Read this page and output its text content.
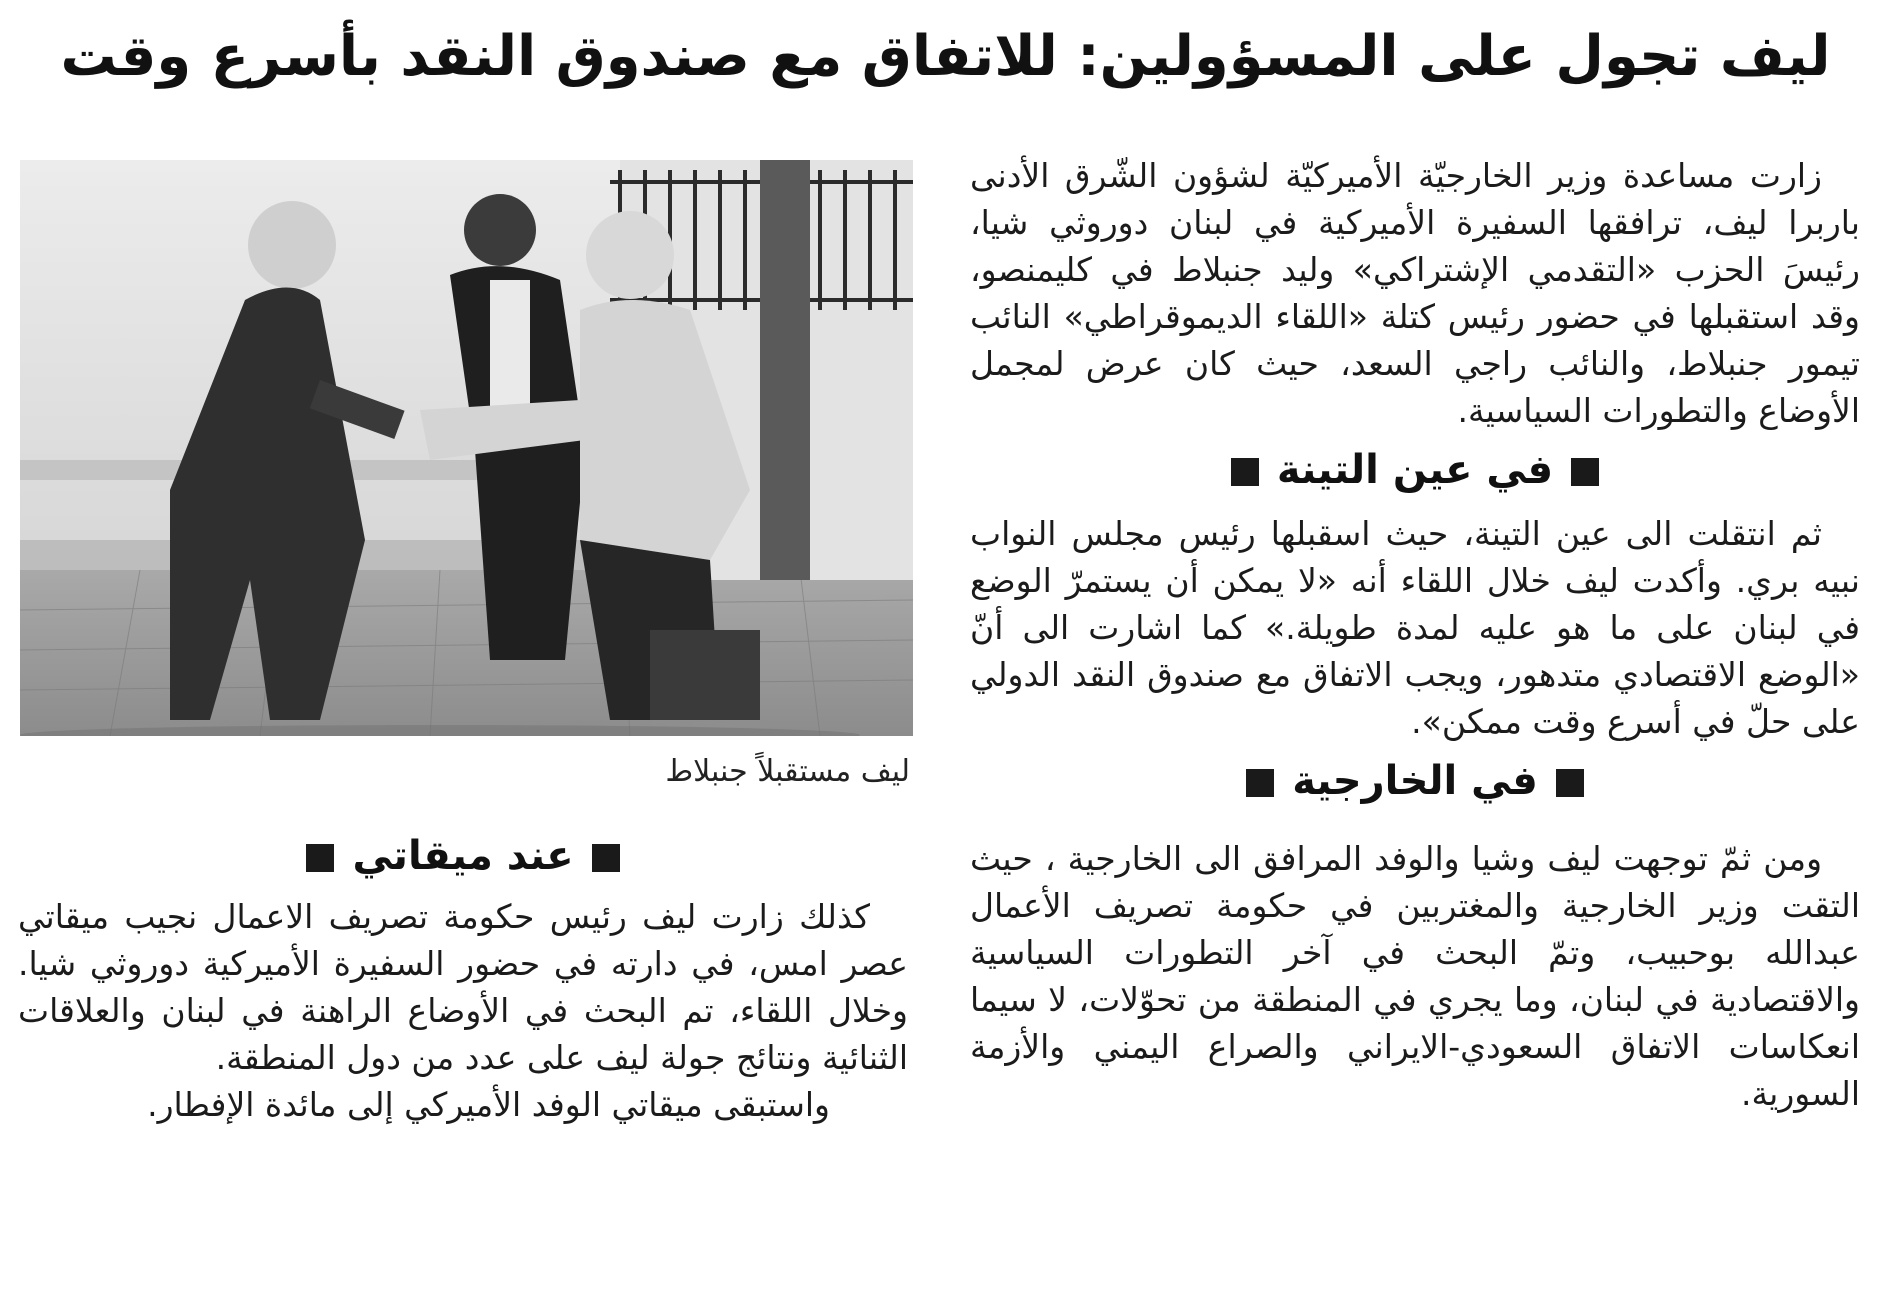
ليف تجول على المسؤولين: للاتفاق مع صندوق النقد بأسرع وقت

زارت مساعدة وزير الخارجيّة الأميركيّة لشؤون الشّرق الأدنى باربرا ليف، ترافقها السفيرة الأميركية في لبنان دوروثي شيا، رئيسَ الحزب «التقدمي الإشتراكي» وليد جنبلاط في كليمنصو، وقد استقبلها في حضور رئيس كتلة «اللقاء الديموقراطي» النائب تيمور جنبلاط، والنائب راجي السعد، حيث كان عرض لمجمل الأوضاع والتطورات السياسية.

في عين التينة

ثم انتقلت الى عين التينة، حيث اسقبلها رئيس مجلس النواب نبيه بري. وأكدت ليف خلال اللقاء أنه «لا يمكن أن يستمرّ الوضع في لبنان على ما هو عليه لمدة طويلة.» كما اشارت الى أنّ «الوضع الاقتصادي متدهور، ويجب الاتفاق مع صندوق النقد الدولي على حلّ في أسرع وقت ممكن».

في الخارجية

ومن ثمّ توجهت ليف وشيا والوفد المرافق الى الخارجية ، حيث التقت وزير الخارجية والمغتربين في حكومة تصريف الأعمال عبدالله بوحبيب، وتمّ البحث في آخر التطورات السياسية والاقتصادية في لبنان، وما يجري في المنطقة من تحوّلات، لا سيما انعكاسات الاتفاق السعودي-الايراني والصراع اليمني والأزمة السورية.

ليف مستقبلاً جنبلاط
عند ميقاتي

كذلك زارت ليف رئيس حكومة تصريف الاعمال نجيب ميقاتي عصر امس، في دارته في حضور السفيرة الأميركية دوروثي شيا. وخلال اللقاء، تم البحث في الأوضاع الراهنة في لبنان والعلاقات الثنائية ونتائج جولة ليف على عدد من دول المنطقة.

واستبقى ميقاتي الوفد الأميركي إلى مائدة الإفطار.
